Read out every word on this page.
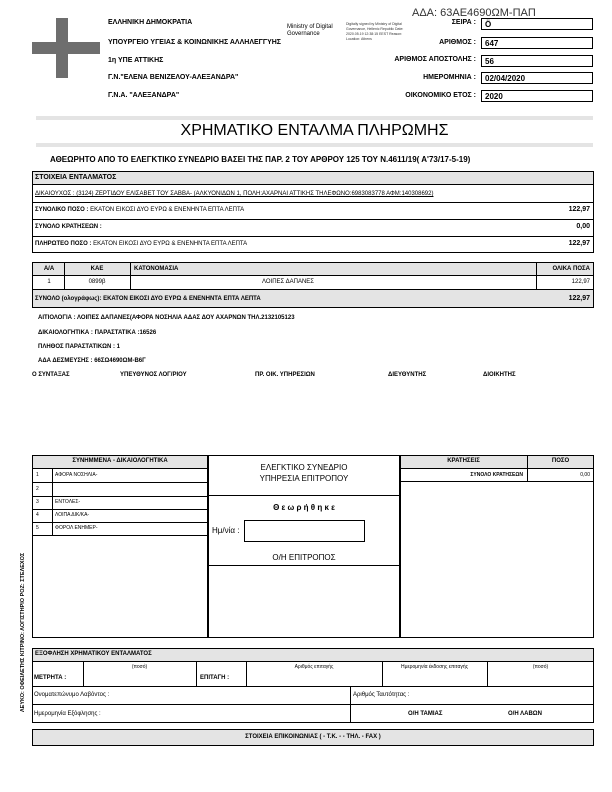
ΑΔΑ: 63ΑΕ4690ΩΜ-ΠΑΠ
ΕΛΛΗΝΙΚΗ ΔΗΜΟΚΡΑΤΙΑ
ΥΠΟΥΡΓΕΙΟ ΥΓΕΙΑΣ & ΚΟΙΝΩΝΙΚΗΣ ΑΛΛΗΛΕΓΓΥΗΣ
1η ΥΠΕ ΑΤΤΙΚΗΣ
Γ.Ν."ΕΛΕΝΑ ΒΕΝΙΖΕΛΟΥ-ΑΛΕΞΑΝΔΡΑ"
Γ.Ν.Α. "ΑΛΕΞΑΝΔΡΑ"
Ministry of Digital
Governance
Digitally signed by Ministry of Digital Governance, Hellenic Republic Date: 2020.05.19 12:38:15 EEST Reason: Location: Athens
ΣΕΙΡΑ :	Ö
ΑΡΙΘΜΟΣ :	647
ΑΡΙΘΜΟΣ ΑΠΟΣΤΟΛΗΣ :	56
ΗΜΕΡΟΜΗΝΙΑ :	02/04/2020
ΟΙΚΟΝΟΜΙΚΟ ΕΤΟΣ :	2020
ΧΡΗΜΑΤΙΚΟ ΕΝΤΑΛΜΑ ΠΛΗΡΩΜΗΣ
ΑΘΕΩΡΗΤΟ ΑΠΟ ΤΟ ΕΛΕΓΚΤΙΚΟ ΣΥΝΕΔΡΙΟ ΒΑΣΕΙ ΤΗΣ ΠΑΡ. 2 ΤΟΥ ΑΡΘΡΟΥ 125 ΤΟΥ Ν.4611/19( Α'73/17-5-19)
ΣΤΟΙΧΕΙΑ ΕΝΤΑΛΜΑΤΟΣ
ΔΙΚΑΙΟΥΧΟΣ : (3124) ΖΕΡΤΙΔΟΥ ΕΛΙΣΑΒΕΤ ΤΟΥ ΣΑΒΒΑ- (ΑΛΚΥΟΝΙΔΩΝ 1, ΠΟΛΗ:ΑΧΑΡΝΑΙ ΑΤΤΙΚΗΣ ΤΗΛΕΦΩΝΟ:6983083778 ΑΦΜ:140308692)
ΣΥΝΟΛΙΚΟ ΠΟΣΟ : ΕΚΑΤΟΝ ΕΙΚΟΣΙ ΔΥΟ ΕΥΡΩ & ΕΝΕΝΗΝΤΑ ΕΠΤΑ ΛΕΠΤΑ	122,97
ΣΥΝΟΛΟ ΚΡΑΤΗΣΕΩΝ :	0,00
ΠΛΗΡΩΤΕΟ ΠΟΣΟ : ΕΚΑΤΟΝ ΕΙΚΟΣΙ ΔΥΟ ΕΥΡΩ & ΕΝΕΝΗΝΤΑ ΕΠΤΑ ΛΕΠΤΑ	122,97
Α/Α	ΚΑΕ	ΚΑΤΟΝΟΜΑΣΙΑ	ΟΛΙΚΑ ΠΟΣΑ
1	0899β	ΛΟΙΠΕΣ ΔΑΠΑΝΕΣ	122,97
ΣΥΝΟΛΟ (ολογράφως): ΕΚΑΤΟΝ ΕΙΚΟΣΙ ΔΥΟ ΕΥΡΩ & ΕΝΕΝΗΝΤΑ ΕΠΤΑ ΛΕΠΤΑ	122,97
ΛΕΥΚΟ: ΟΦΕΙΛΕΤΗΣ ΚΙΤΡΙΝΟ: ΛΟΓΙΣΤΗΡΙΟ ΡΟΖ: ΣΤΕΛΕΧΟΣ
ΑΙΤΙΟΛΟΓΙΑ : ΛΟΙΠΕΣ ΔΑΠΑΝΕΣ(ΑΦΟΡΑ ΝΟΣΗΛΙΑ ΑΔΑΣ ΔΟΥ ΑΧΑΡΝΩΝ ΤΗΛ.2132105123
ΔΙΚΑΙΟΛΟΓΗΤΙΚΑ : ΠΑΡΑΣΤΑΤΙΚΑ :16526
ΠΛΗΘΟΣ ΠΑΡΑΣΤΑΤΙΚΩΝ : 1
ΑΔΑ ΔΕΣΜΕΥΣΗΣ : 66ΣΩ4690ΩΜ-Β6Γ
Ο ΣΥΝΤΑΞΑΣ	ΥΠΕΥΘΥΝΟΣ ΛΟΓ/ΡΙΟΥ	ΠΡ. ΟΙΚ. ΥΠΗΡΕΣΙΩΝ	ΔΙΕΥΘΥΝΤΗΣ	ΔΙΟΙΚΗΤΗΣ
ΣΥΝΗΜΜΕΝΑ - ΔΙΚΑΙΟΛΟΓΗΤΙΚΑ
1	ΑΦΟΡΑ ΝΟΣΗΛΙΑ-
2
3	ΕΝΤΟΛΕΣ-
4	ΛΟΙΠΑ ΔΙΚ/ΚΑ-
5	ΦΟΡΟΛ ΕΝΗΜΕΡ-
ΕΛΕΓΚΤΙΚΟ ΣΥΝΕΔΡΙΟ
ΥΠΗΡΕΣΙΑ ΕΠΙΤΡΟΠΟΥ
Θ ε ω ρ ή θ η κ ε
Ημ/νία :
Ο/Η ΕΠΙΤΡΟΠΟΣ
ΚΡΑΤΗΣΕΙΣ	ΠΟΣΟ
ΣΥΝΟΛΟ ΚΡΑΤΗΣΕΩΝ	0,00
ΕΞΟΦΛΗΣΗ ΧΡΗΜΑΤΙΚΟΥ ΕΝΤΑΛΜΑΤΟΣ
ΜΕΤΡΗΤΑ :
(ποσό)
ΕΠΙΤΑΓΗ :
Αριθμός επιταγής	Ημερομηνία έκδοσης επιταγής	(ποσό)
Ονοματεπώνυμο Λαβόντος :	Αριθμός Ταυτότητας :
Ημερομηνία Εξόφλησης :	Ο/Η ΤΑΜΙΑΣ	Ο/Η ΛΑΒΩΝ
ΣΤΟΙΧΕΙΑ ΕΠΙΚΟΙΝΩΝΙΑΣ ( - Τ.Κ. - - ΤΗΛ. - FAX )
